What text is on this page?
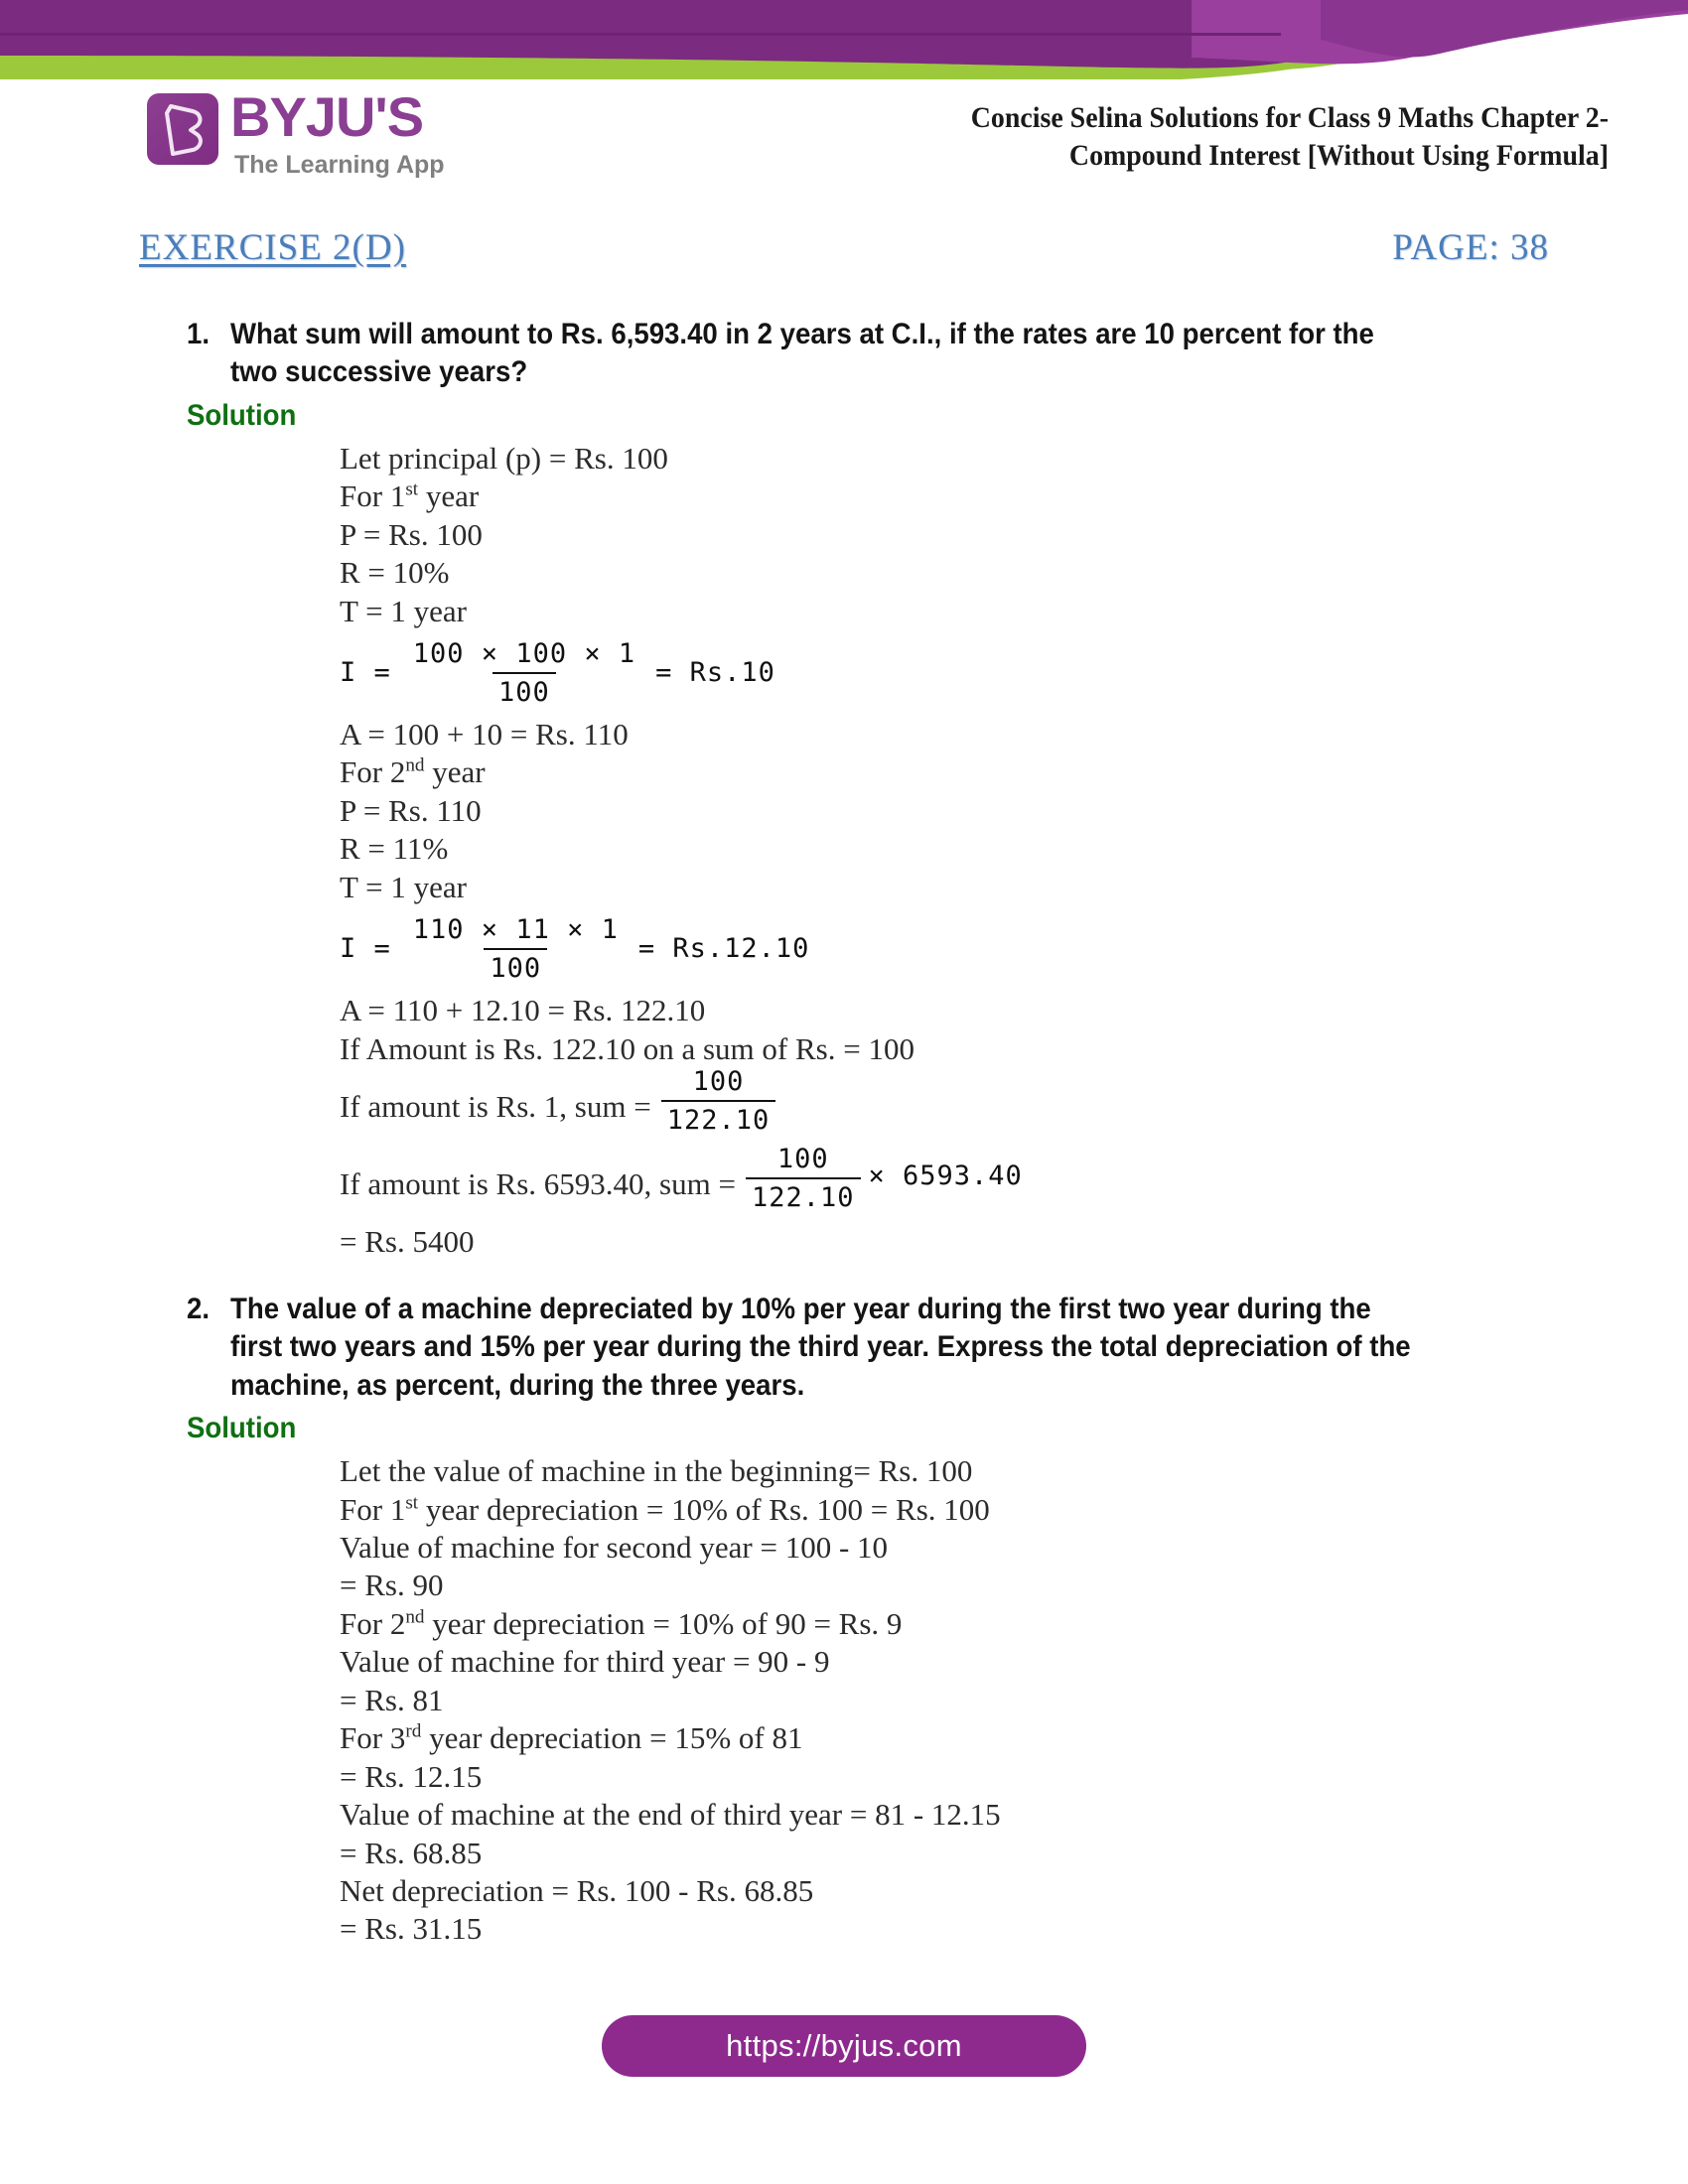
BYJU'S
The Learning App
Concise Selina Solutions for Class 9 Maths Chapter 2-
Compound Interest [Without Using Formula]
EXERCISE 2(D)	PAGE: 38
1. What sum will amount to Rs. 6,593.40 in 2 years at C.I., if the rates are 10 percent for the two successive years?
Solution
Let principal (p) = Rs. 100
For 1st year
P = Rs. 100
R = 10%
T = 1 year
$I = \frac{100 \times 100 \times 1}{100} = Rs.10$
A = 100 + 10 = Rs. 110
For 2nd year
P = Rs. 110
R = 11%
T = 1 year
$I = \frac{110 \times 11 \times 1}{100} = Rs.12.10$
A = 110 + 12.10 = Rs. 122.10
If Amount is Rs. 122.10 on a sum of Rs. = 100
If amount is Rs. 1, sum = $\frac{100}{122.10}$
If amount is Rs. 6593.40, sum = $\frac{100}{122.10} \times 6593.40$
= Rs. 5400
2. The value of a machine depreciated by 10% per year during the first two year during the first two years and 15% per year during the third year. Express the total depreciation of the machine, as percent, during the three years.
Solution
Let the value of machine in the beginning= Rs. 100
For 1st year depreciation = 10% of Rs. 100 = Rs. 100
Value of machine for second year = 100 - 10
= Rs. 90
For 2nd year depreciation = 10% of 90 = Rs. 9
Value of machine for third year = 90 - 9
= Rs. 81
For 3rd year depreciation = 15% of 81
= Rs. 12.15
Value of machine at the end of third year = 81 - 12.15
= Rs. 68.85
Net depreciation = Rs. 100 - Rs. 68.85
= Rs. 31.15
https://byjus.com
